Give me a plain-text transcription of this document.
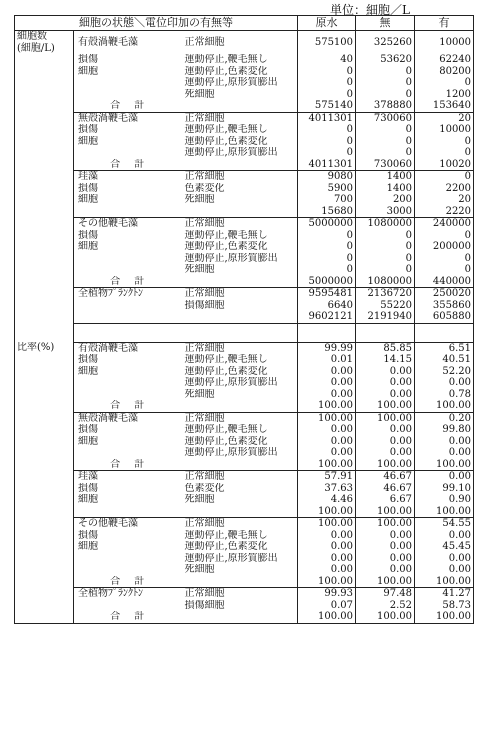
単位：細胞／L
細胞の状態＼電位印加の有無等			原水	無	有

細胞数
(細胞/L)	有殻渦鞭毛藻	正常細胞	575100	325260	10000
	損傷	運動停止,鞭毛無し	40	53620	62240
	細胞	運動停止,色素変化	0	0	80200
		運動停止,原形質膨出	0	0	0
		死細胞	0	0	1200
	合　計		575140	378880	153640
	無殻渦鞭毛藻	正常細胞	4011301	730060	20
	損傷	運動停止,鞭毛無し	0	0	10000
	細胞	運動停止,色素変化	0	0	0
		運動停止,原形質膨出	0	0	0
	合　計		4011301	730060	10020
	珪藻	正常細胞	9080	1400	0
	損傷	色素変化	5900	1400	2200
	細胞	死細胞	700	200	20
			15680	3000	2220
	その他鞭毛藻	正常細胞	5000000	1080000	240000
	損傷	運動停止,鞭毛無し	0	0	0
	細胞	運動停止,色素変化	0	0	200000
		運動停止,原形質膨出	0	0	0
		死細胞	0	0	0
	合　計		5000000	1080000	440000
	全植物ﾌﾟﾗﾝｸﾄﾝ	正常細胞	9595481	2136720	250020
		損傷細胞	6640	55220	355860
			9602121	2191940	605880

比率(%)	有殻渦鞭毛藻	正常細胞	99.99	85.85	6.51
	損傷	運動停止,鞭毛無し	0.01	14.15	40.51
	細胞	運動停止,色素変化	0.00	0.00	52.20
		運動停止,原形質膨出	0.00	0.00	0.00
		死細胞	0.00	0.00	0.78
	合　計		100.00	100.00	100.00
	無殻渦鞭毛藻	正常細胞	100.00	100.00	0.20
	損傷	運動停止,鞭毛無し	0.00	0.00	99.80
	細胞	運動停止,色素変化	0.00	0.00	0.00
		運動停止,原形質膨出	0.00	0.00	0.00
	合　計		100.00	100.00	100.00
	珪藻	正常細胞	57.91	46.67	0.00
	損傷	色素変化	37.63	46.67	99.10
	細胞	死細胞	4.46	6.67	0.90
			100.00	100.00	100.00
	その他鞭毛藻	正常細胞	100.00	100.00	54.55
	損傷	運動停止,鞭毛無し	0.00	0.00	0.00
	細胞	運動停止,色素変化	0.00	0.00	45.45
		運動停止,原形質膨出	0.00	0.00	0.00
		死細胞	0.00	0.00	0.00
	合　計		100.00	100.00	100.00
	全植物ﾌﾟﾗﾝｸﾄﾝ	正常細胞	99.93	97.48	41.27
		損傷細胞	0.07	2.52	58.73
	合　計		100.00	100.00	100.00
